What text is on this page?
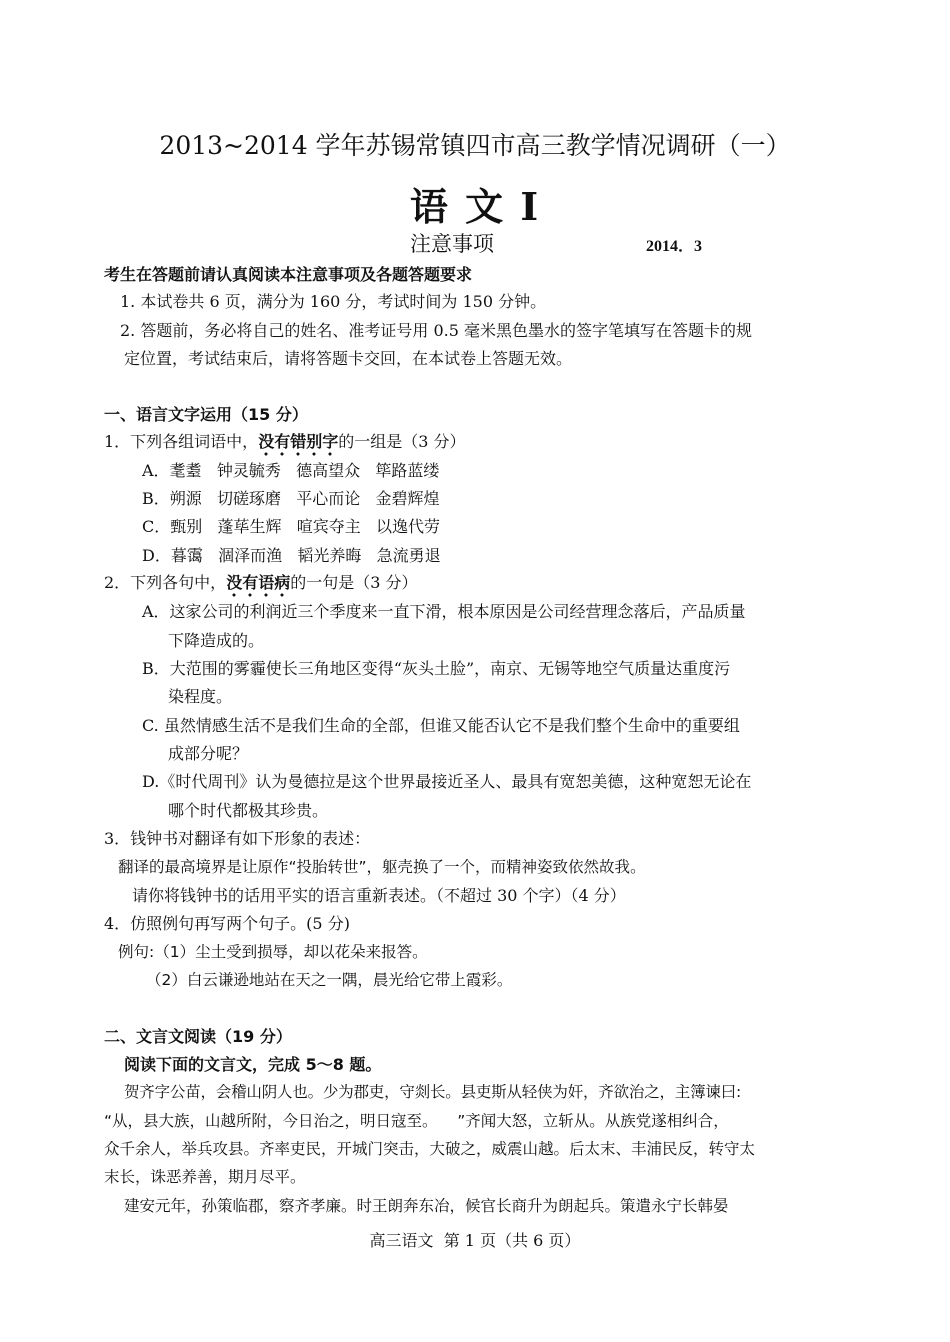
2013~2014 学年苏锡常镇四市高三教学情况调研（一）
语 文 Ⅰ
注意事项	2014．3
考生在答题前请认真阅读本注意事项及各题答题要求
1. 本试卷共 6 页，满分为 160 分，考试时间为 150 分钟。
2. 答题前，务必将自己的姓名、准考证号用 0.5 毫米黑色墨水的签字笔填写在答题卡的规
定位置，考试结束后，请将答题卡交回，在本试卷上答题无效。
一、语言文字运用（15 分）
1．下列各组词语中，没有错别字的一组是（3 分）
A．耄耋   钟灵毓秀   德高望众   筚路蓝缕
B．朔源   切磋琢磨   平心而论   金碧辉煌
C．甄别   蓬荜生辉   喧宾夺主   以逸代劳
D．暮霭   涸泽而渔   韬光养晦   急流勇退
2．下列各句中，没有语病的一句是（3 分）
A．这家公司的利润近三个季度来一直下滑，根本原因是公司经营理念落后，产品质量
下降造成的。
B．大范围的雾霾使长三角地区变得“灰头土脸”，南京、无锡等地空气质量达重度污
染程度。
C. 虽然情感生活不是我们生命的全部，但谁又能否认它不是我们整个生命中的重要组
成部分呢？
D.《时代周刊》认为曼德拉是这个世界最接近圣人、最具有宽恕美德，这种宽恕无论在
哪个时代都极其珍贵。
3．钱钟书对翻译有如下形象的表述：
翻译的最高境界是让原作“投胎转世”，躯壳换了一个，而精神姿致依然故我。
请你将钱钟书的话用平实的语言重新表述。（不超过 30 个字）（4 分）
4．仿照例句再写两个句子。(5 分)
例句:（1）尘土受到损辱，却以花朵来报答。
（2）白云谦逊地站在天之一隅，晨光给它带上霞彩。
二、文言文阅读（19 分）
阅读下面的文言文，完成 5～8 题。
贺齐字公苗，会稽山阴人也。少为郡吏，守剡长。县吏斯从轻侠为奸，齐欲治之，主簿谏曰:
“从，县大族，山越所附，今日治之，明日寇至。    ”齐闻大怒，立斩从。从族党遂相纠合，
众千余人，举兵攻县。齐率吏民，开城门突击，大破之，威震山越。后太末、丰浦民反，转守太
末长，诛恶养善，期月尽平。
建安元年，孙策临郡，察齐孝廉。时王朗奔东冶，候官长商升为朗起兵。策遣永宁长韩晏
高三语文  第 1 页（共 6 页）
